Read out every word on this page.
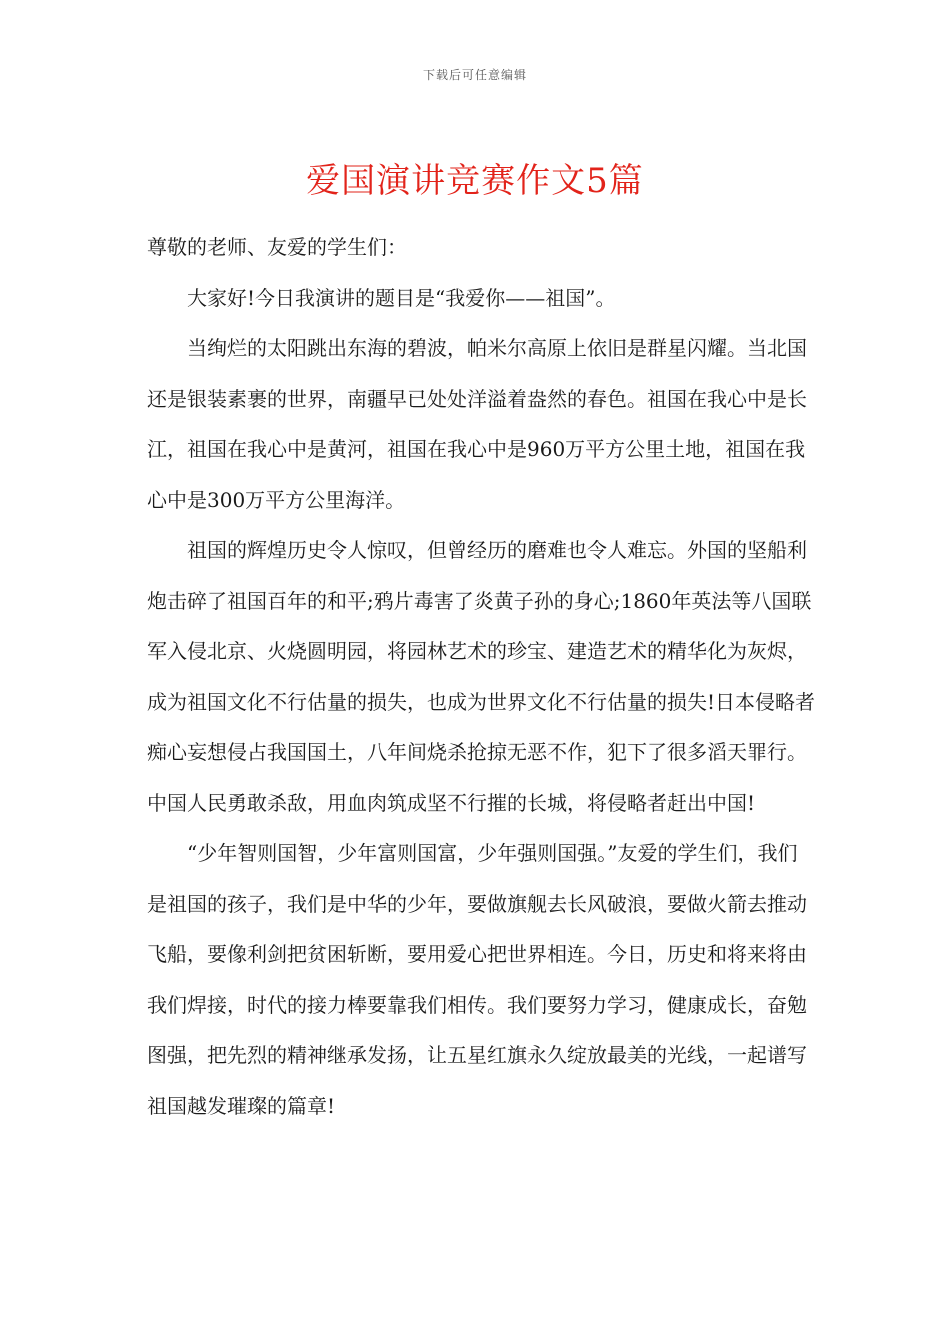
下载后可任意编辑
爱国演讲竞赛作文5篇

尊敬的老师、友爱的学生们：

大家好!今日我演讲的题目是“我爱你——祖国”。

当绚烂的太阳跳出东海的碧波，帕米尔高原上依旧是群星闪耀。当北国还是银装素裹的世界，南疆早已处处洋溢着盎然的春色。祖国在我心中是长江，祖国在我心中是黄河，祖国在我心中是960万平方公里土地，祖国在我心中是300万平方公里海洋。

祖国的辉煌历史令人惊叹，但曾经历的磨难也令人难忘。外国的坚船利炮击碎了祖国百年的和平;鸦片毒害了炎黄子孙的身心;1860年英法等八国联军入侵北京、火烧圆明园，将园林艺术的珍宝、建造艺术的精华化为灰烬，成为祖国文化不行估量的损失，也成为世界文化不行估量的损失!日本侵略者痴心妄想侵占我国国土，八年间烧杀抢掠无恶不作，犯下了很多滔天罪行。中国人民勇敢杀敌，用血肉筑成坚不行摧的长城，将侵略者赶出中国!

“少年智则国智，少年富则国富，少年强则国强。”友爱的学生们，我们是祖国的孩子，我们是中华的少年，要做旗舰去长风破浪，要做火箭去推动飞船，要像利剑把贫困斩断，要用爱心把世界相连。今日，历史和将来将由我们焊接，时代的接力棒要靠我们相传。我们要努力学习，健康成长，奋勉图强，把先烈的精神继承发扬，让五星红旗永久绽放最美的光线，一起谱写祖国越发璀璨的篇章!
